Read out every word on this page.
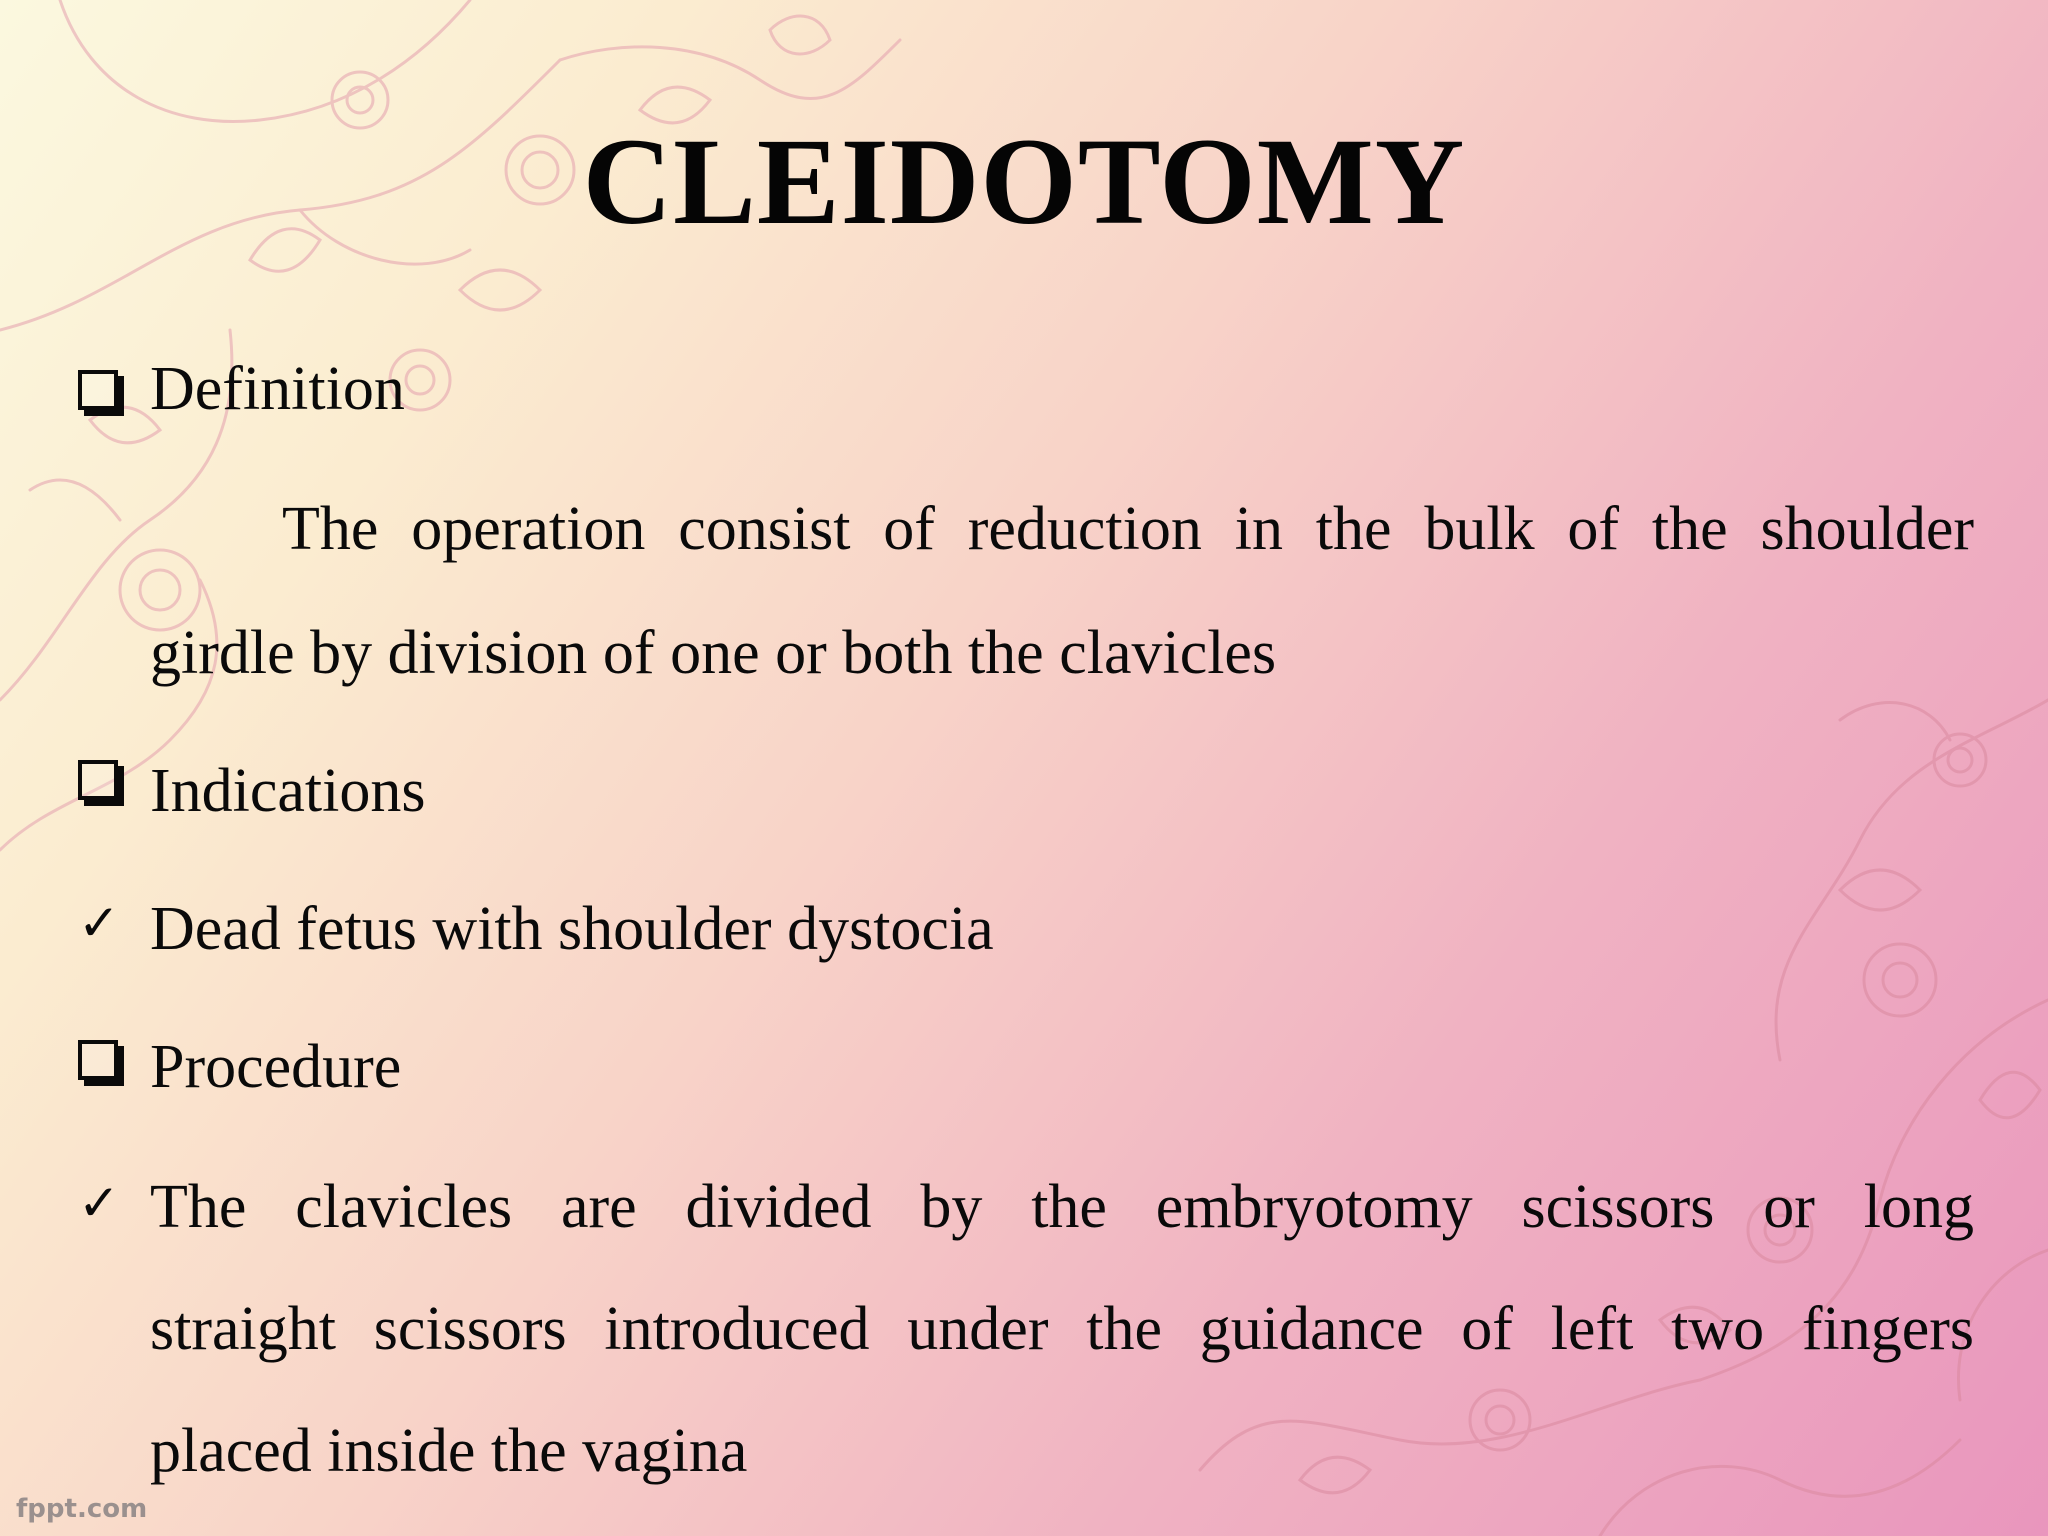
CLEIDOTOMY
Definition
The operation consist of reduction in the bulk of the shoulder
girdle by division of one or both the clavicles
Indications
✓ Dead fetus with shoulder dystocia
Procedure
✓ The clavicles are divided by the embryotomy scissors or long
straight scissors introduced under the guidance of left two fingers
placed inside the vagina
fppt.com
